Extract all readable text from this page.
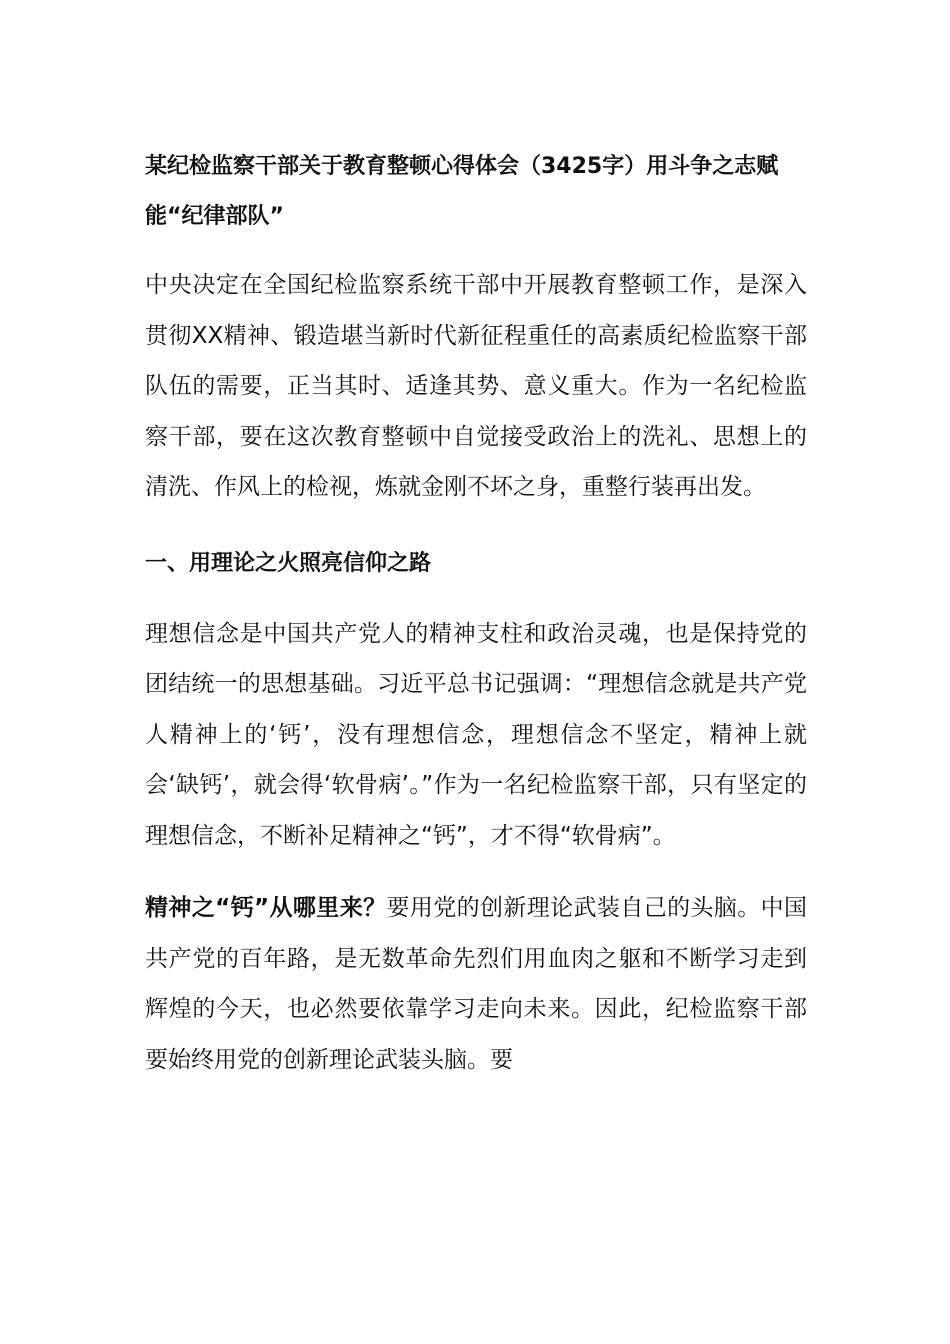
某纪检监察干部关于教育整顿心得体会（3425字）用斗争之志赋能“纪律部队”

中央决定在全国纪检监察系统干部中开展教育整顿工作，是深入贯彻XX精神、锻造堪当新时代新征程重任的高素质纪检监察干部队伍的需要，正当其时、适逢其势、意义重大。作为一名纪检监察干部，要在这次教育整顿中自觉接受政治上的洗礼、思想上的清洗、作风上的检视，炼就金刚不坏之身，重整行装再出发。

一、用理论之火照亮信仰之路

理想信念是中国共产党人的精神支柱和政治灵魂，也是保持党的团结统一的思想基础。习近平总书记强调：“理想信念就是共产党人精神上的‘钙’，没有理想信念，理想信念不坚定，精神上就会‘缺钙’，就会得‘软骨病’。”作为一名纪检监察干部，只有坚定的理想信念，不断补足精神之“钙”，才不得“软骨病”。

精神之“钙”从哪里来？要用党的创新理论武装自己的头脑。中国共产党的百年路，是无数革命先烈们用血肉之躯和不断学习走到辉煌的今天，也必然要依靠学习走向未来。因此，纪检监察干部要始终用党的创新理论武装头脑。要
